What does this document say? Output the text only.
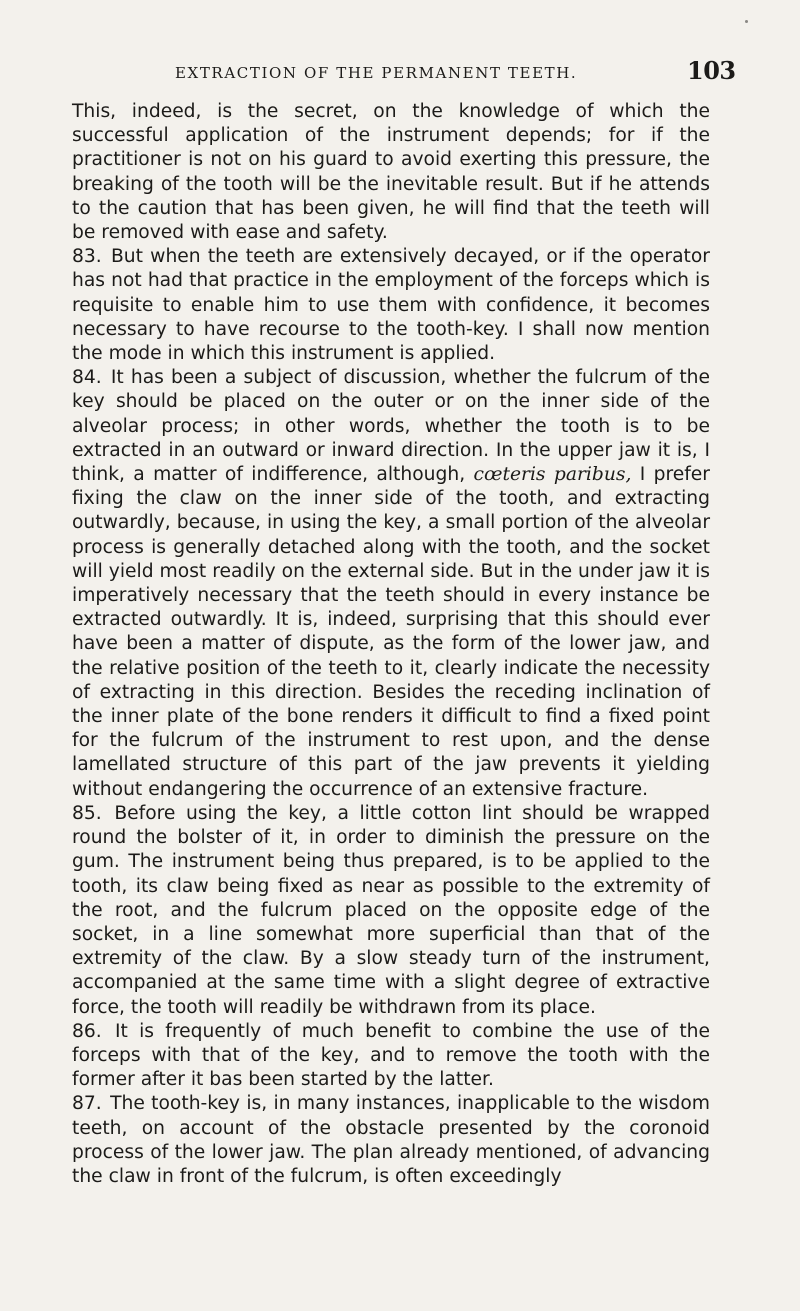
EXTRACTION OF THE PERMANENT TEETH.	103

This, indeed, is the secret, on the knowledge of which the successful application of the instrument depends; for if the practitioner is not on his guard to avoid exerting this pressure, the breaking of the tooth will be the inevitable result. But if he attends to the caution that has been given, he will find that the teeth will be removed with ease and safety.

83. But when the teeth are extensively decayed, or if the operator has not had that practice in the employment of the forceps which is requisite to enable him to use them with confidence, it becomes necessary to have recourse to the tooth-key. I shall now mention the mode in which this instrument is applied.

84. It has been a subject of discussion, whether the fulcrum of the key should be placed on the outer or on the inner side of the alveolar process; in other words, whether the tooth is to be extracted in an outward or inward direction. In the upper jaw it is, I think, a matter of indifference, although, cœteris paribus, I prefer fixing the claw on the inner side of the tooth, and extracting outwardly, because, in using the key, a small portion of the alveolar process is generally detached along with the tooth, and the socket will yield most readily on the external side. But in the under jaw it is imperatively necessary that the teeth should in every instance be extracted outwardly. It is, indeed, surprising that this should ever have been a matter of dispute, as the form of the lower jaw, and the relative position of the teeth to it, clearly indicate the necessity of extracting in this direction. Besides the receding inclination of the inner plate of the bone renders it difficult to find a fixed point for the fulcrum of the instrument to rest upon, and the dense lamellated structure of this part of the jaw prevents it yielding without endangering the occurrence of an extensive fracture.

85. Before using the key, a little cotton lint should be wrapped round the bolster of it, in order to diminish the pressure on the gum. The instrument being thus prepared, is to be applied to the tooth, its claw being fixed as near as possible to the extremity of the root, and the fulcrum placed on the opposite edge of the socket, in a line somewhat more superficial than that of the extremity of the claw. By a slow steady turn of the instrument, accompanied at the same time with a slight degree of extractive force, the tooth will readily be withdrawn from its place.

86. It is frequently of much benefit to combine the use of the forceps with that of the key, and to remove the tooth with the former after it bas been started by the latter.

87. The tooth-key is, in many instances, inapplicable to the wisdom teeth, on account of the obstacle presented by the coronoid process of the lower jaw. The plan already mentioned, of advancing the claw in front of the fulcrum, is often exceedingly
